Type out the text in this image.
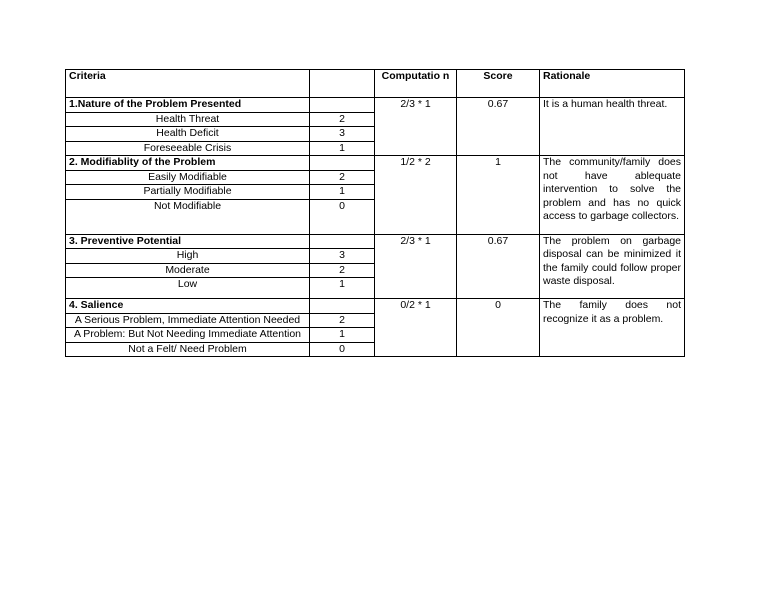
Criteria		Computatio n	Score	Rationale
1.Nature of the Problem Presented		2/3 * 1	0.67	It is a human health threat.
Health Threat	2			
Health Deficit	3			
Foreseeable Crisis	1			
2. Modifiablity of the Problem		1/2 * 2	1	The community/family does not have ablequate intervention to solve the problem and has no quick access to garbage collectors.
Easily Modifiable	2			
Partially Modifiable	1			
Not Modifiable	0			
3. Preventive Potential		2/3 * 1	0.67	The problem on garbage disposal can be minimized it the family could follow proper waste disposal.
High	3			
Moderate	2			
Low	1			
4. Salience		0/2 * 1	0	The family does not recognize it as a problem.
A Serious Problem, Immediate Attention Needed	2			
A Problem: But Not Needing Immediate Attention	1			
Not a Felt/ Need Problem	0			
